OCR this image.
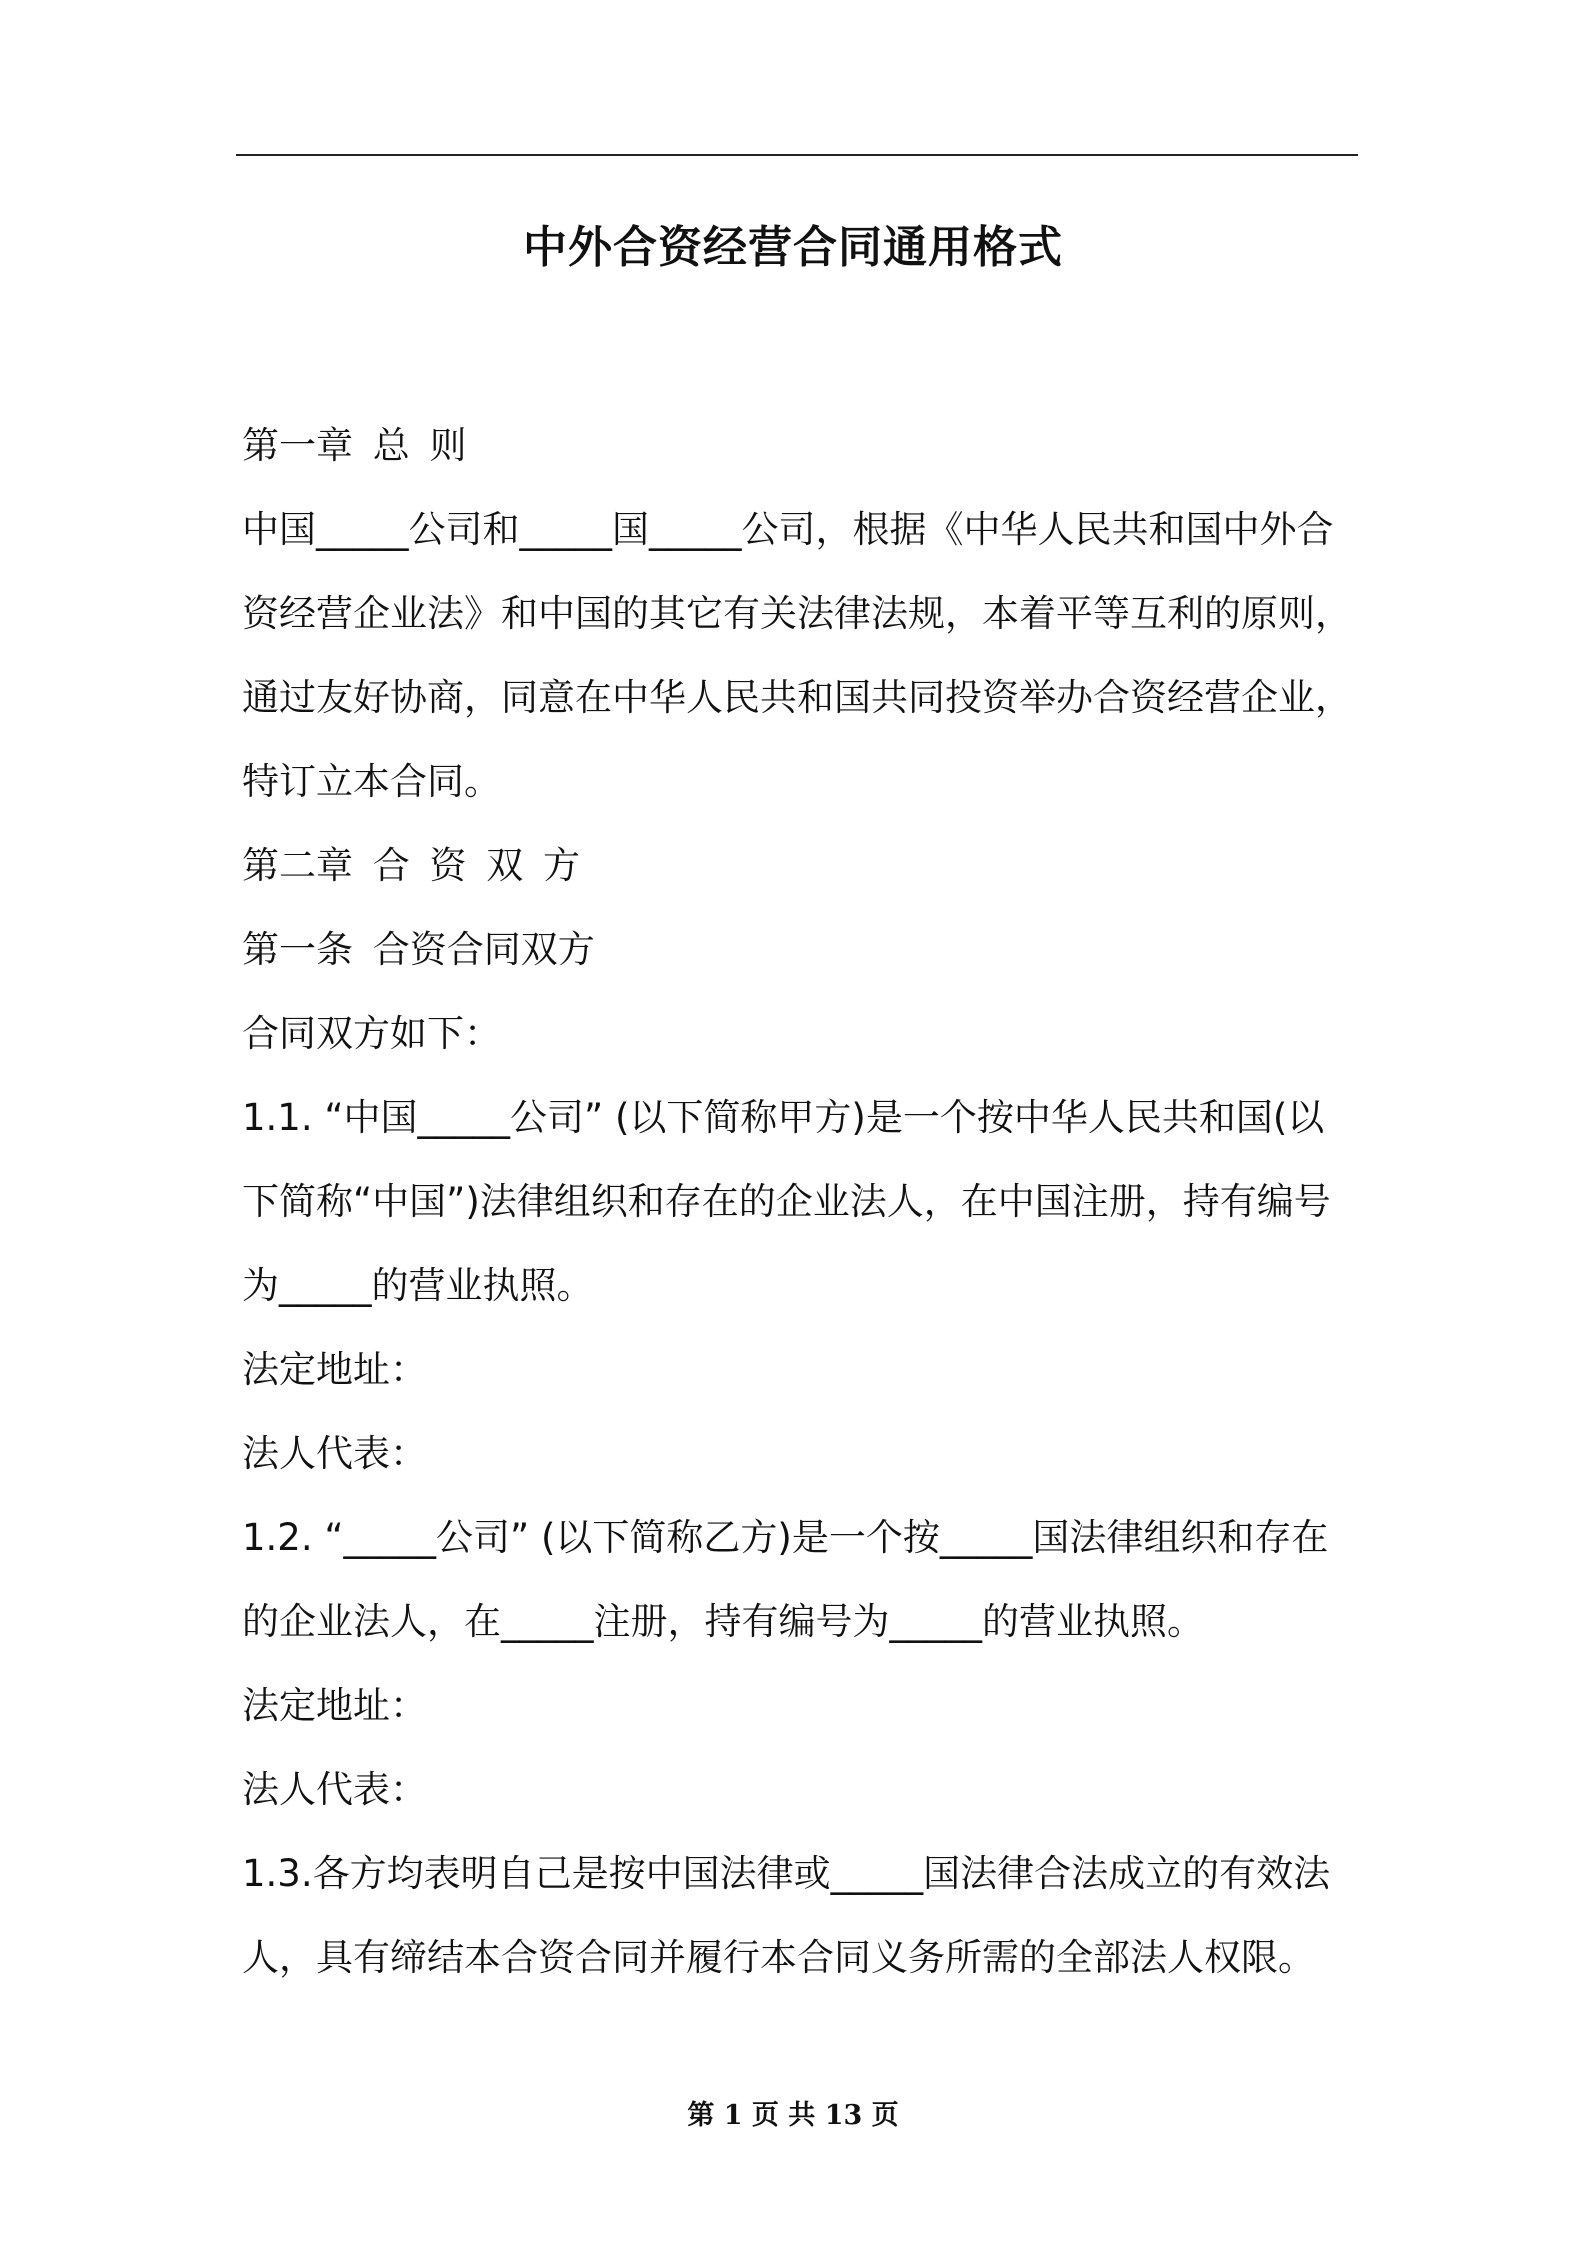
中外合资经营合同通用格式

第一章 总 则

中国_____公司和_____国_____公司，根据《中华人民共和国中外合资经营企业法》和中国的其它有关法律法规，本着平等互利的原则，通过友好协商，同意在中华人民共和国共同投资举办合资经营企业，特订立本合同。

第二章 合 资 双 方

第一条 合资合同双方

合同双方如下：

1.1. “中国_____公司” (以下简称甲方)是一个按中华人民共和国(以下简称“中国”)法律组织和存在的企业法人，在中国注册，持有编号为_____的营业执照。

法定地址：

法人代表：

1.2. “_____公司” (以下简称乙方)是一个按_____国法律组织和存在的企业法人，在_____注册，持有编号为_____的营业执照。

法定地址：

法人代表：

1.3.各方均表明自己是按中国法律或_____国法律合法成立的有效法人，具有缔结本合资合同并履行本合同义务所需的全部法人权限。

第 1 页 共 13 页
